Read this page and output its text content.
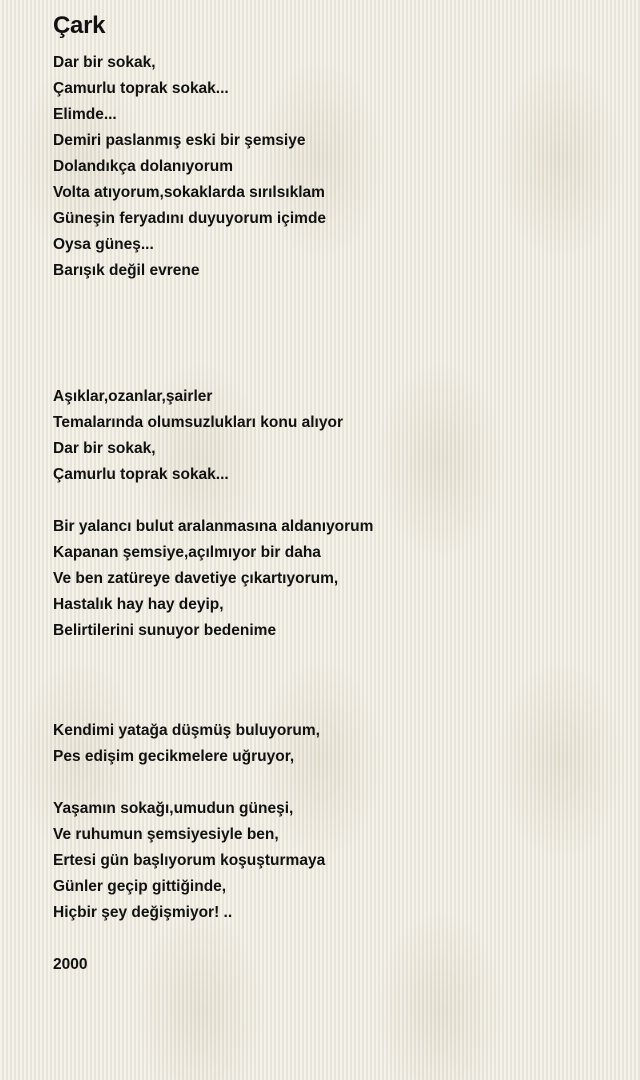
Çark
Dar bir sokak,
Çamurlu toprak sokak...
Elimde...
Demiri paslanmış eski bir şemsiye
Dolandıkça dolanıyorum
Volta atıyorum,sokaklarda sırılsıklam
Güneşin feryadını duyuyorum içimde
Oysa güneş...
Barışık değil evrene
Aşıklar,ozanlar,şairler
Temalarında olumsuzlukları konu alıyor
Dar bir sokak,
Çamurlu toprak sokak...
Bir yalancı bulut aralanmasına aldanıyorum
Kapanan şemsiye,açılmıyor bir daha
Ve ben zatüreye davetiye çıkartıyorum,
Hastalık hay hay deyip,
Belirtilerini sunuyor bedenime
Kendimi yatağa düşmüş buluyorum,
Pes edişim gecikmelere uğruyor,
Yaşamın sokağı,umudun güneşi,
Ve ruhumun şemsiyesiyle ben,
Ertesi gün başlıyorum koşuşturmaya
Günler geçip gittiğinde,
Hiçbir şey değişmiyor! ..
2000
